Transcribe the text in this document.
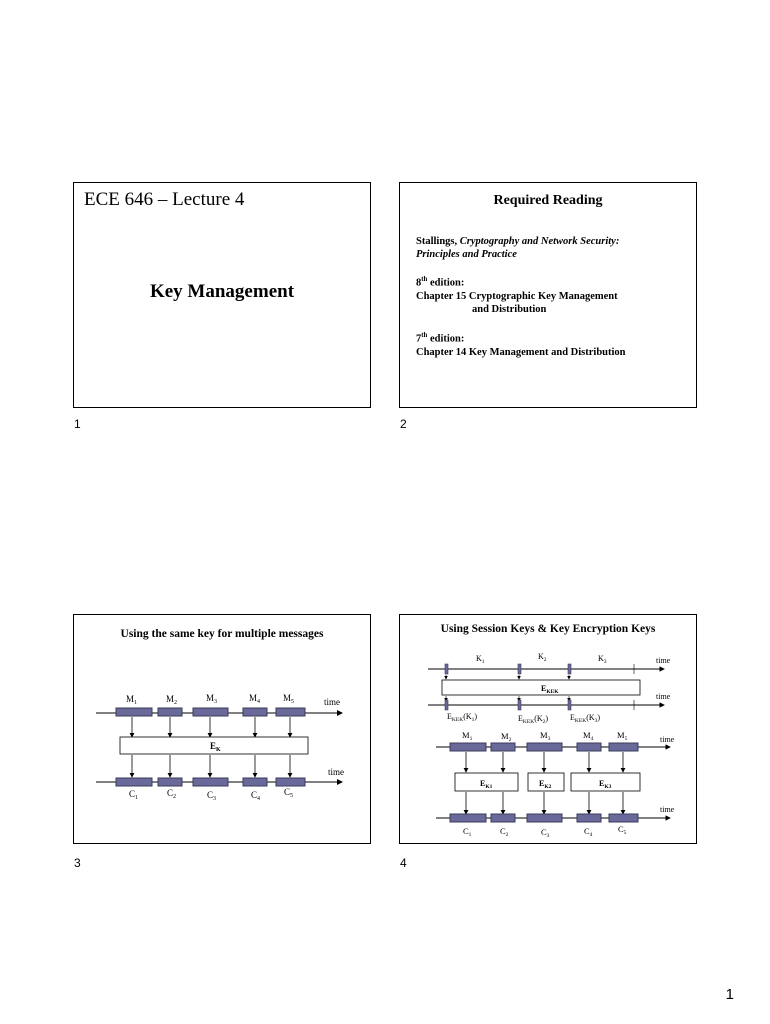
ECE 646 – Lecture 4
Key Management
1
Required Reading
Stallings, Cryptography and Network Security:
Principles and Practice
8th edition:
Chapter 15 Cryptographic Key Management
and Distribution
7th edition:
Chapter 14 Key Management and Distribution
2
Using the same key for multiple messages
time
$M_1$	$M_2$	$M_3$	$M_4$	$M_5$
$E_K$
time
$C_1$	$C_2$	$C_3$	$C_4$
$C_5$
3
Using Session Keys & Key Encryption Keys
time
$K_1$
$K_2$	$K_3$
$E_{KEK}$	time
$E_{KEK}(K_1)$	$E_{KEK}(K_2)$	$E_{KEK}(K_3)$
time
$M_1$	$M_2$	$M_3$	$M_4$	$M_5$
$E_{K1}$	$E_{K2}$	$E_{K3}$
time
$C_1$	$C_2$	$C_3$	$C_4$
$C_5$
4
1
